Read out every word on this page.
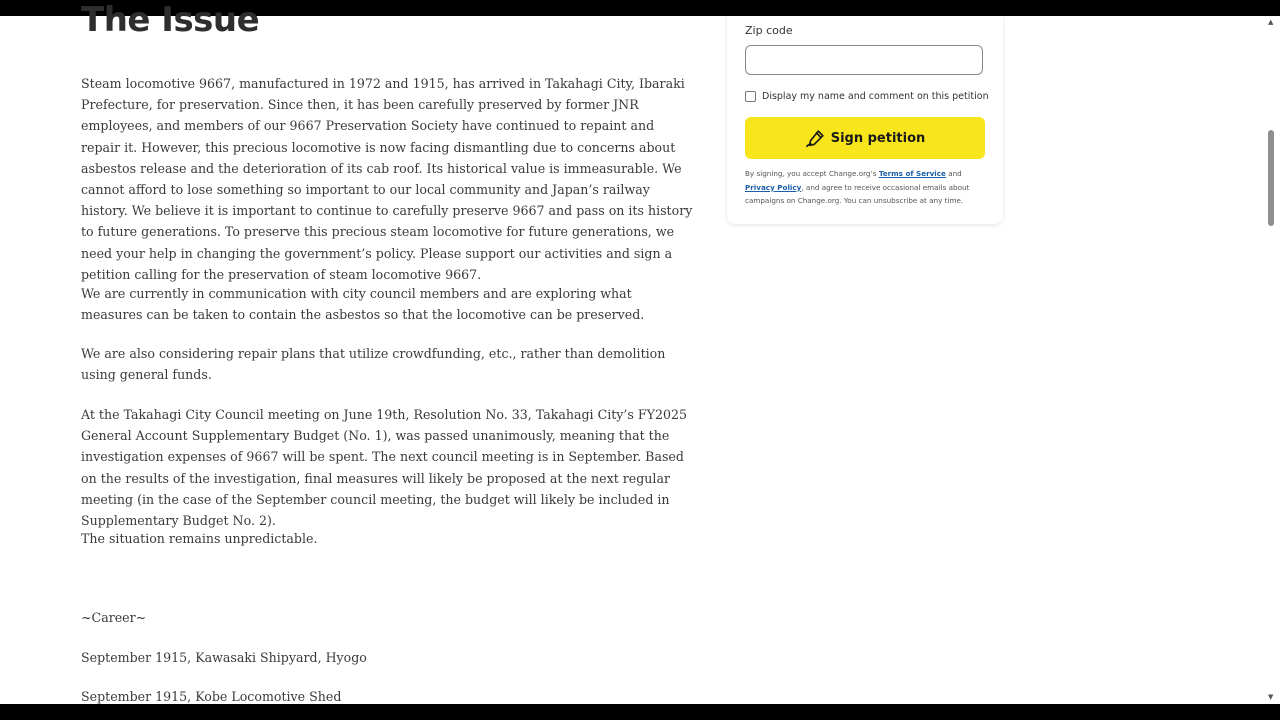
The Issue

Steam locomotive 9667, manufactured in 1972 and 1915, has arrived in Takahagi City, Ibaraki Prefecture, for preservation. Since then, it has been carefully preserved by former JNR employees, and members of our 9667 Preservation Society have continued to repaint and repair it. However, this precious locomotive is now facing dismantling due to concerns about asbestos release and the deterioration of its cab roof. Its historical value is immeasurable. We cannot afford to lose something so important to our local community and Japan’s railway history. We believe it is important to continue to carefully preserve 9667 and pass on its history to future generations. To preserve this precious steam locomotive for future generations, we need your help in changing the government’s policy. Please support our activities and sign a petition calling for the preservation of steam locomotive 9667.

We are currently in communication with city council members and are exploring what measures can be taken to contain the asbestos so that the locomotive can be preserved.

We are also considering repair plans that utilize crowdfunding, etc., rather than demolition using general funds.

At the Takahagi City Council meeting on June 19th, Resolution No. 33, Takahagi City’s FY2025 General Account Supplementary Budget (No. 1), was passed unanimously, meaning that the investigation expenses of 9667 will be spent. The next council meeting is in September. Based on the results of the investigation, final measures will likely be proposed at the next regular meeting (in the case of the September council meeting, the budget will likely be included in Supplementary Budget No. 2).

The situation remains unpredictable.

~Career~

September 1915, Kawasaki Shipyard, Hyogo

September 1915, Kobe Locomotive Shed

Zip code
Display my name and comment on this petition
Sign petition
By signing, you accept Change.org’s Terms of Service and Privacy Policy, and agree to receive occasional emails about campaigns on Change.org. You can unsubscribe at any time.
▲
▼
